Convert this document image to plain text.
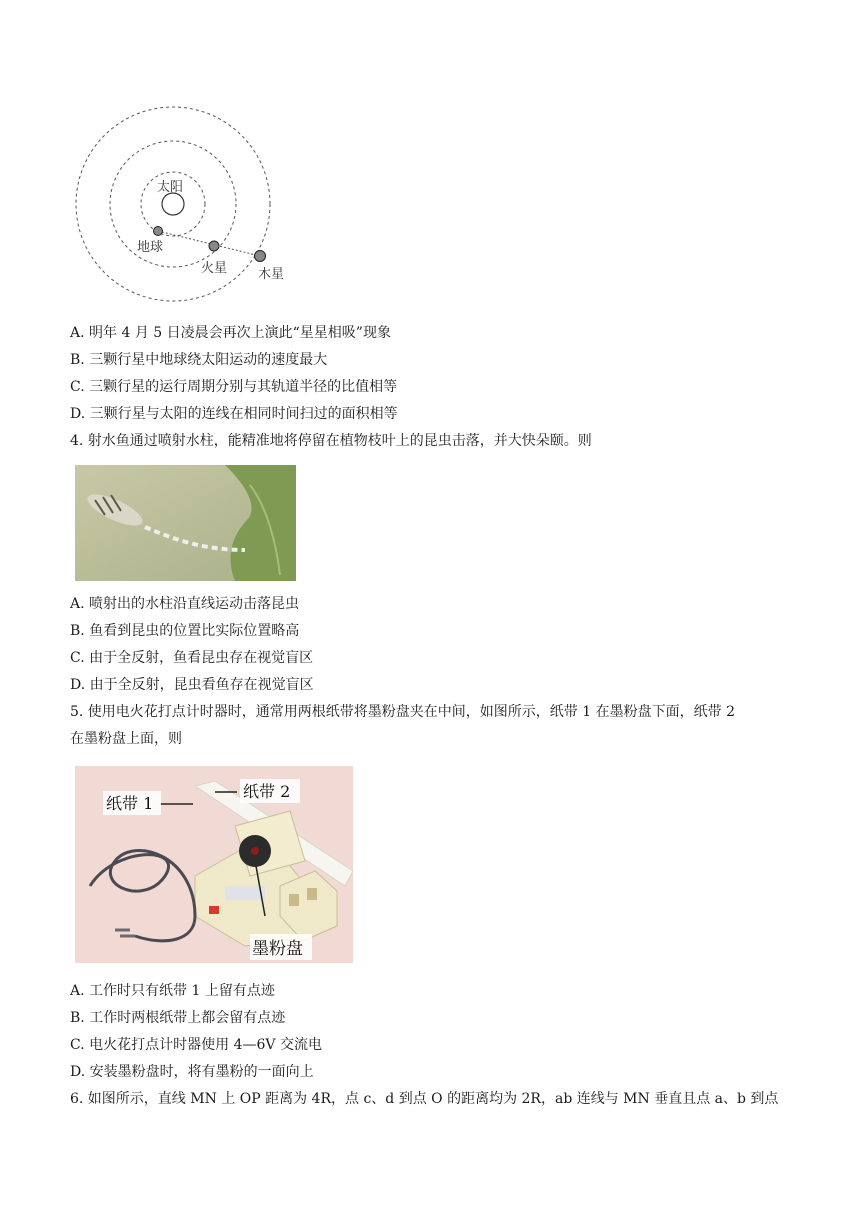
太阳
地球
火星 木星
A. 明年 4 月 5 日凌晨会再次上演此“星星相吸”现象
B. 三颗行星中地球绕太阳运动的速度最大
C. 三颗行星的运行周期分别与其轨道半径的比值相等
D. 三颗行星与太阳的连线在相同时间扫过的面积相等
4. 射水鱼通过喷射水柱，能精准地将停留在植物枝叶上的昆虫击落，并大快朵颐。则
A. 喷射出的水柱沿直线运动击落昆虫
B. 鱼看到昆虫的位置比实际位置略高
C. 由于全反射，鱼看昆虫存在视觉盲区
D. 由于全反射，昆虫看鱼存在视觉盲区
5. 使用电火花打点计时器时，通常用两根纸带将墨粉盘夹在中间，如图所示，纸带 1 在墨粉盘下面，纸带 2
在墨粉盘上面，则
纸带 1
纸带 2
墨粉盘
A. 工作时只有纸带 1 上留有点迹
B. 工作时两根纸带上都会留有点迹
C. 电火花打点计时器使用 4—6V 交流电
D. 安装墨粉盘时，将有墨粉的一面向上
6. 如图所示，直线 MN 上 OP 距离为 4R，点 c、d 到点 O 的距离均为 2R，ab 连线与 MN 垂直且点 a、b 到点
